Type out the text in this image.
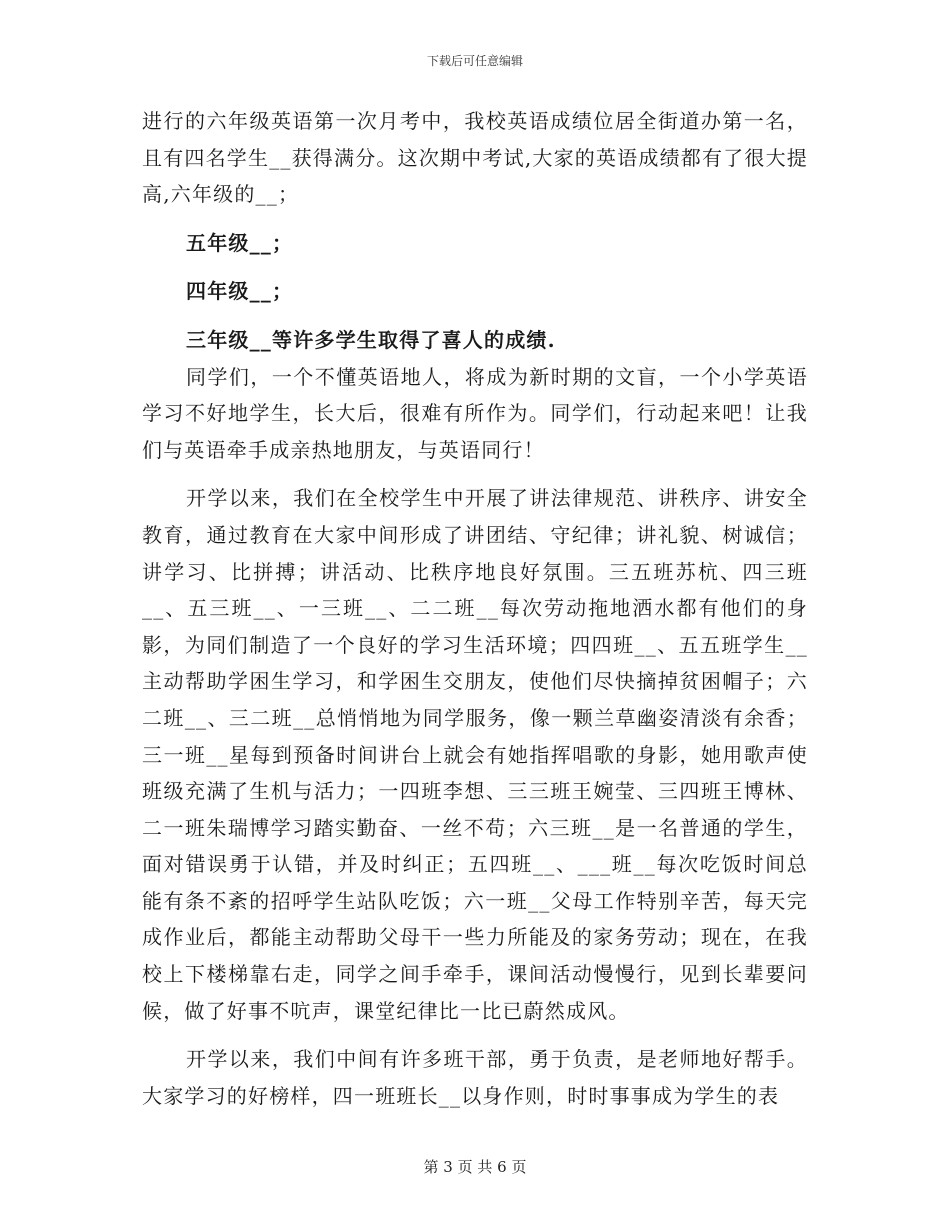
下载后可任意编辑

进行的六年级英语第一次月考中，我校英语成绩位居全街道办第一名，且有四名学生__获得满分。这次期中考试,大家的英语成绩都有了很大提高,六年级的__；

五年级__；

四年级__；

三年级__等许多学生取得了喜人的成绩.

同学们，一个不懂英语地人，将成为新时期的文盲，一个小学英语学习不好地学生，长大后，很难有所作为。同学们，行动起来吧！让我们与英语牵手成亲热地朋友，与英语同行！

开学以来，我们在全校学生中开展了讲法律规范、讲秩序、讲安全教育，通过教育在大家中间形成了讲团结、守纪律；讲礼貌、树诚信；讲学习、比拼搏；讲活动、比秩序地良好氛围。三五班苏杭、四三班__、五三班__、一三班__、二二班__每次劳动拖地洒水都有他们的身影，为同们制造了一个良好的学习生活环境；四四班__、五五班学生__主动帮助学困生学习，和学困生交朋友，使他们尽快摘掉贫困帽子；六二班__、三二班__总悄悄地为同学服务，像一颗兰草幽姿清淡有余香；三一班__星每到预备时间讲台上就会有她指挥唱歌的身影，她用歌声使班级充满了生机与活力；一四班李想、三三班王婉莹、三四班王博林、二一班朱瑞博学习踏实勤奋、一丝不苟；六三班__是一名普通的学生，面对错误勇于认错，并及时纠正；五四班__、___班__每次吃饭时间总能有条不紊的招呼学生站队吃饭；六一班__父母工作特别辛苦，每天完成作业后，都能主动帮助父母干一些力所能及的家务劳动；现在，在我校上下楼梯靠右走，同学之间手牵手，课间活动慢慢行，见到长辈要问候，做了好事不吭声，课堂纪律比一比已蔚然成风。

开学以来，我们中间有许多班干部，勇于负责，是老师地好帮手。大家学习的好榜样，四一班班长__以身作则，时时事事成为学生的表

第 3 页 共 6 页
